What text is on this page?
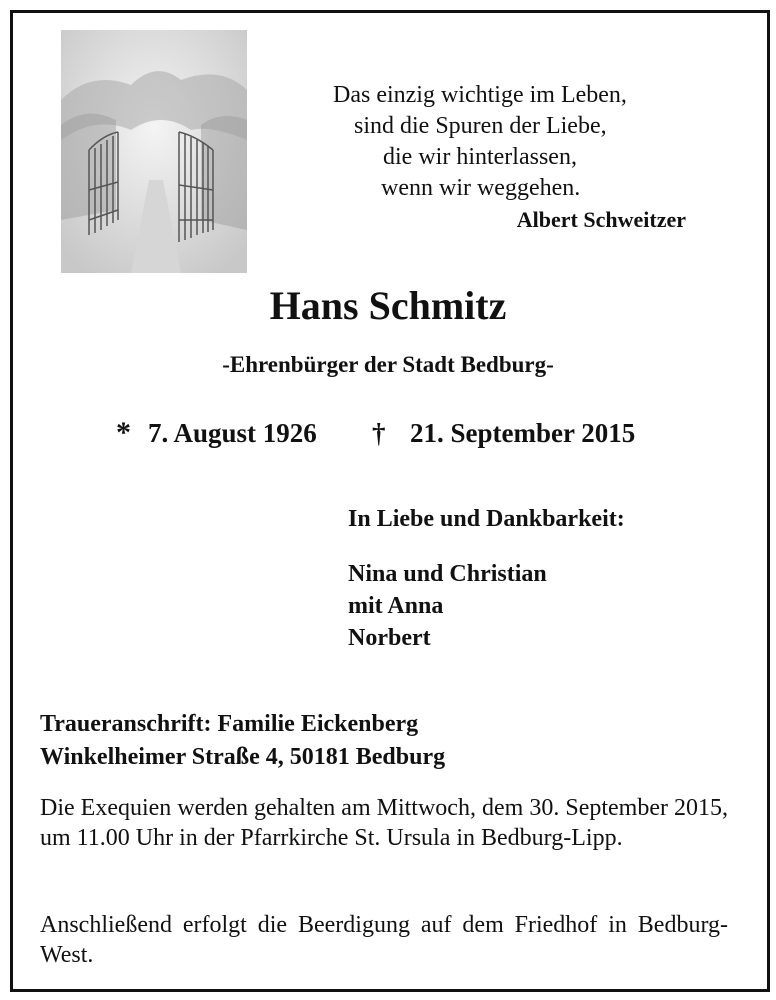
Das einzig wichtige im Leben,
sind die Spuren der Liebe,
die wir hinterlassen,
wenn wir weggehen.
Albert Schweitzer
Hans Schmitz
-Ehrenbürger der Stadt Bedburg-
* 7. August 1926 † 21. September 2015
In Liebe und Dankbarkeit:
Nina und Christian
mit Anna
Norbert
Traueranschrift: Familie Eickenberg
Winkelheimer Straße 4, 50181 Bedburg
Die Exequien werden gehalten am Mittwoch, dem 30. September 2015, um 11.00 Uhr in der Pfarrkirche St. Ursula in Bedburg-Lipp.
Anschließend erfolgt die Beerdigung auf dem Friedhof in Bedburg-West.
